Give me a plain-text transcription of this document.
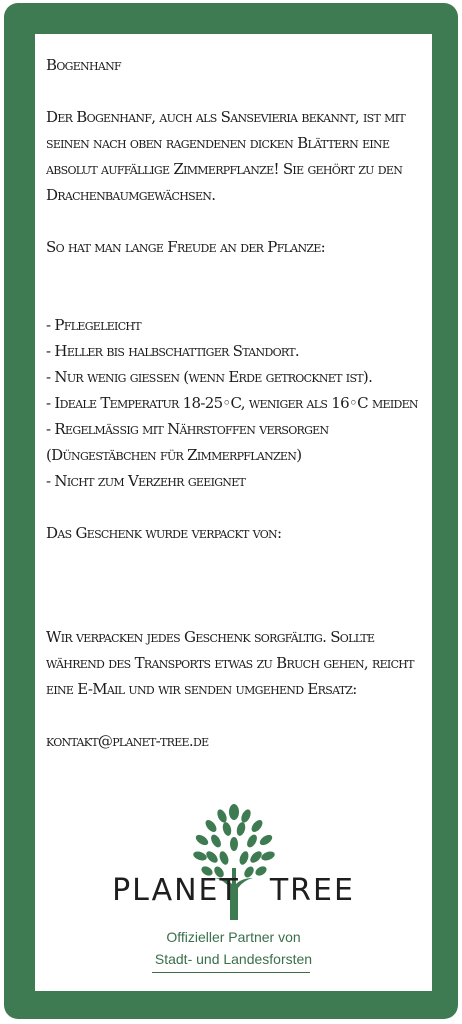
Bogenhanf

Der Bogenhanf, auch als Sansevieria bekannt, ist mit

seinen nach oben ragendenen dicken Blättern eine

absolut auffällige Zimmerpflanze! Sie gehört zu den

Drachenbaumgewächsen.

So hat man lange Freude an der Pflanze:

- Pflegeleicht

- Heller bis halbschattiger Standort.

- Nur wenig gießen (wenn Erde getrocknet ist).

- Ideale Temperatur 18-25◦C, weniger als 16◦C meiden

- Regelmäßig mit Nährstoffen versorgen

(Düngestäbchen für Zimmerpflanzen)

- Nicht zum Verzehr geeignet

Das Geschenk wurde verpackt von:

Wir verpacken jedes Geschenk sorgfältig. Sollte

während des Transports etwas zu Bruch gehen, reicht

eine E-Mail und wir senden umgehend Ersatz:

kontakt@planet-tree.de

PLANET TREE
Offizieller Partner von
Stadt- und Landesforsten
